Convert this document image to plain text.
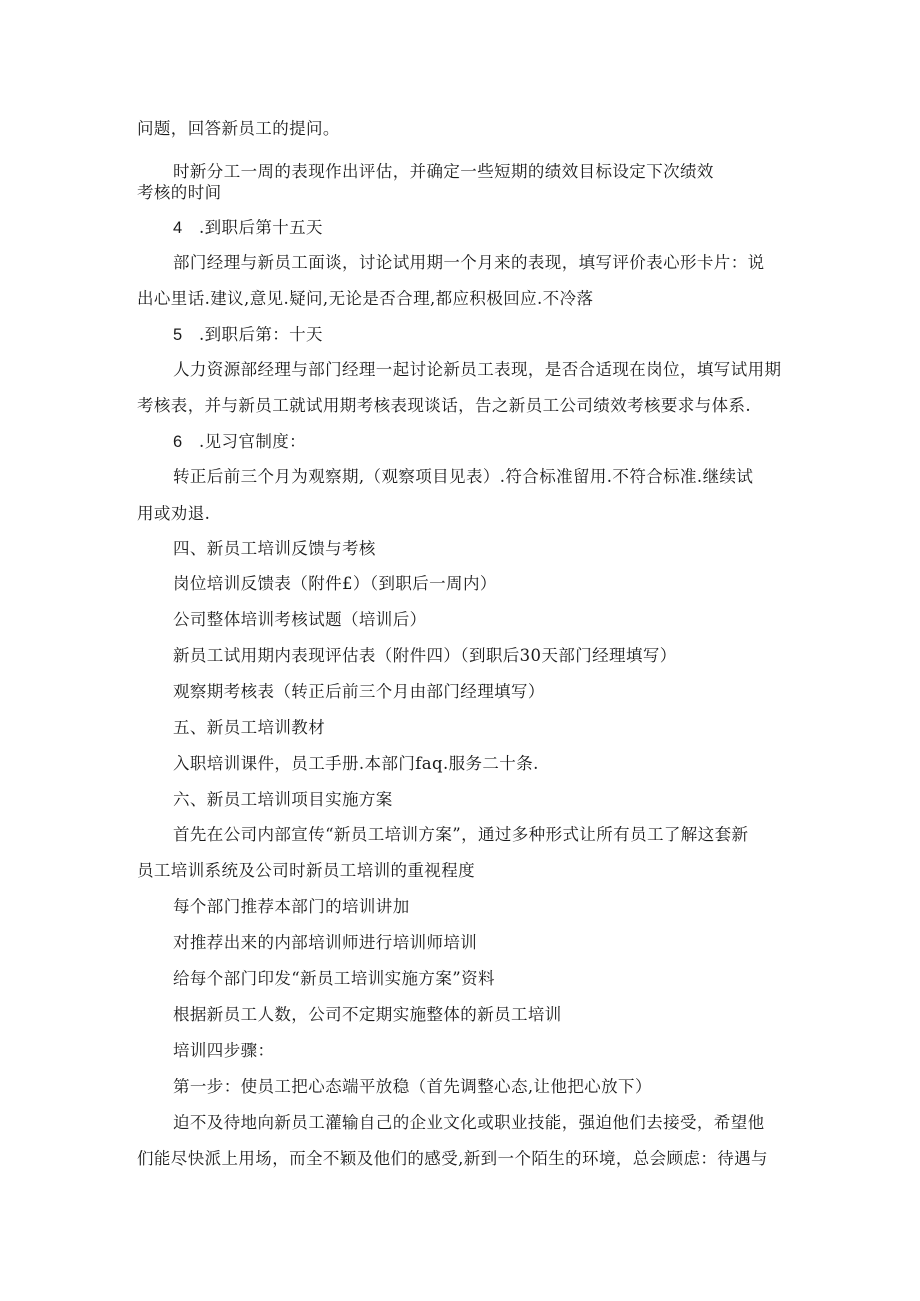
问题，回答新员工的提问。
时新分工一周的表现作出评估，并确定一些短期的绩效目标设定下次绩效
考核的时间
4 .到职后第十五天
部门经理与新员工面谈，讨论试用期一个月来的表现，填写评价表心形卡片：说
出心里话.建议,意见.疑问,无论是否合理,都应积极回应.不冷落
5 .到职后第：十天
人力资源部经理与部门经理一起讨论新员工表现，是否合适现在岗位，填写试用期
考核表，并与新员工就试用期考核表现谈话，告之新员工公司绩效考核要求与体系.
6 .见习官制度：
转正后前三个月为观察期,（观察项目见表）.符合标准留用.不符合标准.继续试
用或劝退.
四、新员工培训反馈与考核
岗位培训反馈表（附件£）（到职后一周内）
公司整体培训考核试题（培训后）
新员工试用期内表现评估表（附件四）（到职后30天部门经理填写）
观察期考核表（转正后前三个月由部门经理填写）
五、新员工培训教材
入职培训课件，员工手册.本部门faq.服务二十条.
六、新员工培训项目实施方案
首先在公司内部宣传“新员工培训方案”，通过多种形式让所有员工了解这套新
员工培训系统及公司时新员工培训的重视程度
每个部门推荐本部门的培训讲加
对推荐出来的内部培训师进行培训师培训
给每个部门印发“新员工培训实施方案”资料
根据新员工人数，公司不定期实施整体的新员工培训
培训四步骤：
第一步：使员工把心态端平放稳（首先调整心态,让他把心放下）
迫不及待地向新员工灌输自己的企业文化或职业技能，强迫他们去接受，希望他
们能尽快派上用场，而全不颖及他们的感受,新到一个陌生的环境，总会顾虑：待遇与
